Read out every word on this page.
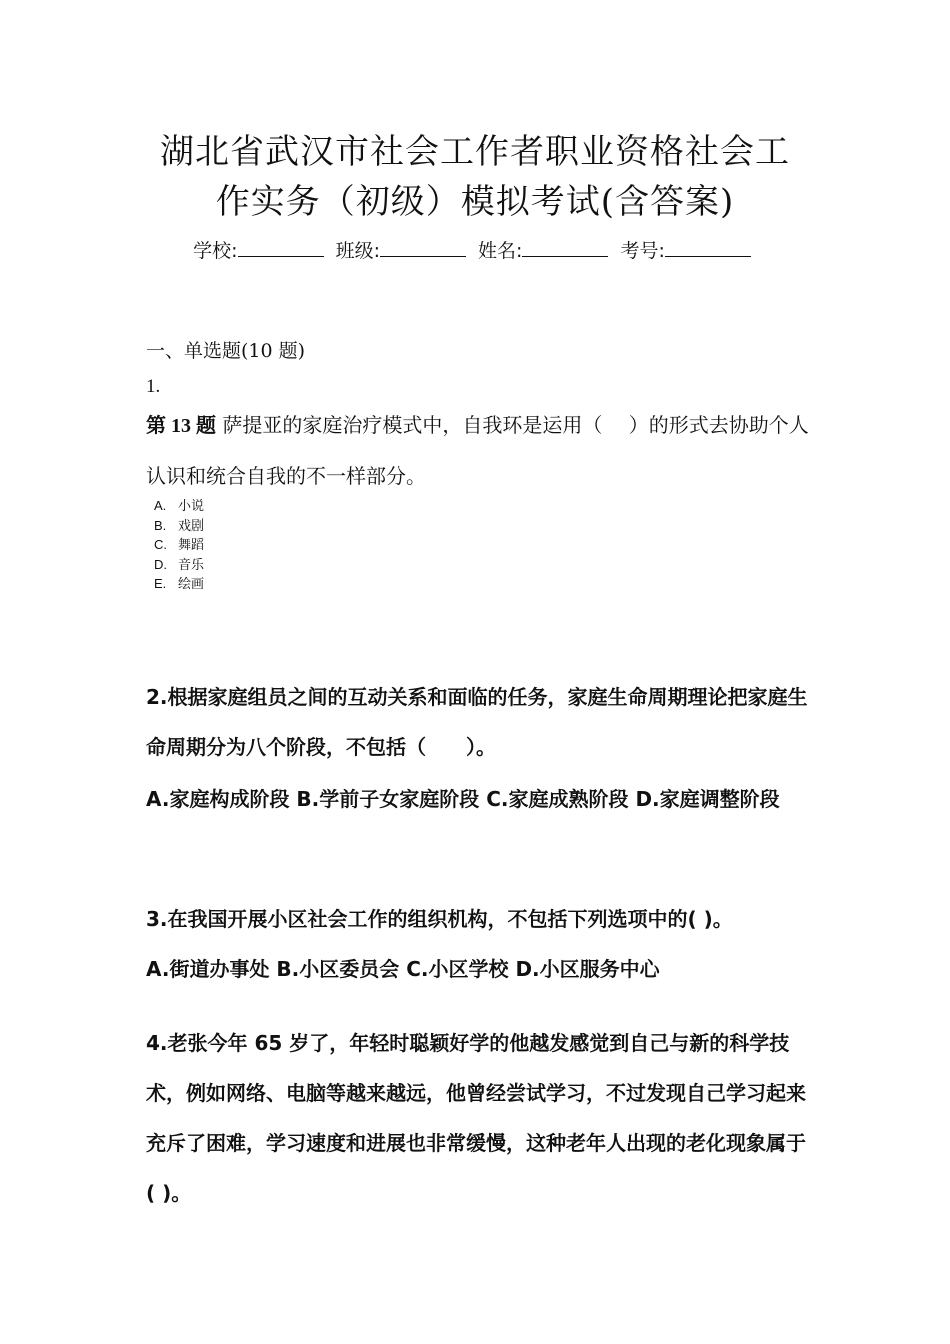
湖北省武汉市社会工作者职业资格社会工
作实务（初级）模拟考试(含答案)
学校:	班级:	姓名:	考号:
一、单选题(10 题)
1.

第 13 题 萨提亚的家庭治疗模式中，自我环是运用（　 ）的形式去协助个人认识和统合自我的不一样部分。

A. 小说
B. 戏剧
C. 舞蹈
D. 音乐
E. 绘画

2.根据家庭组员之间的互动关系和面临的任务，家庭生命周期理论把家庭生命周期分为八个阶段，不包括（　　）。

A.家庭构成阶段 B.学前子女家庭阶段 C.家庭成熟阶段 D.家庭调整阶段

3.在我国开展小区社会工作的组织机构，不包括下列选项中的( )。

A.街道办事处 B.小区委员会 C.小区学校 D.小区服务中心

4.老张今年 65 岁了，年轻时聪颖好学的他越发感觉到自己与新的科学技术，例如网络、电脑等越来越远，他曾经尝试学习，不过发现自己学习起来充斥了困难，学习速度和进展也非常缓慢，这种老年人出现的老化现象属于( )。
